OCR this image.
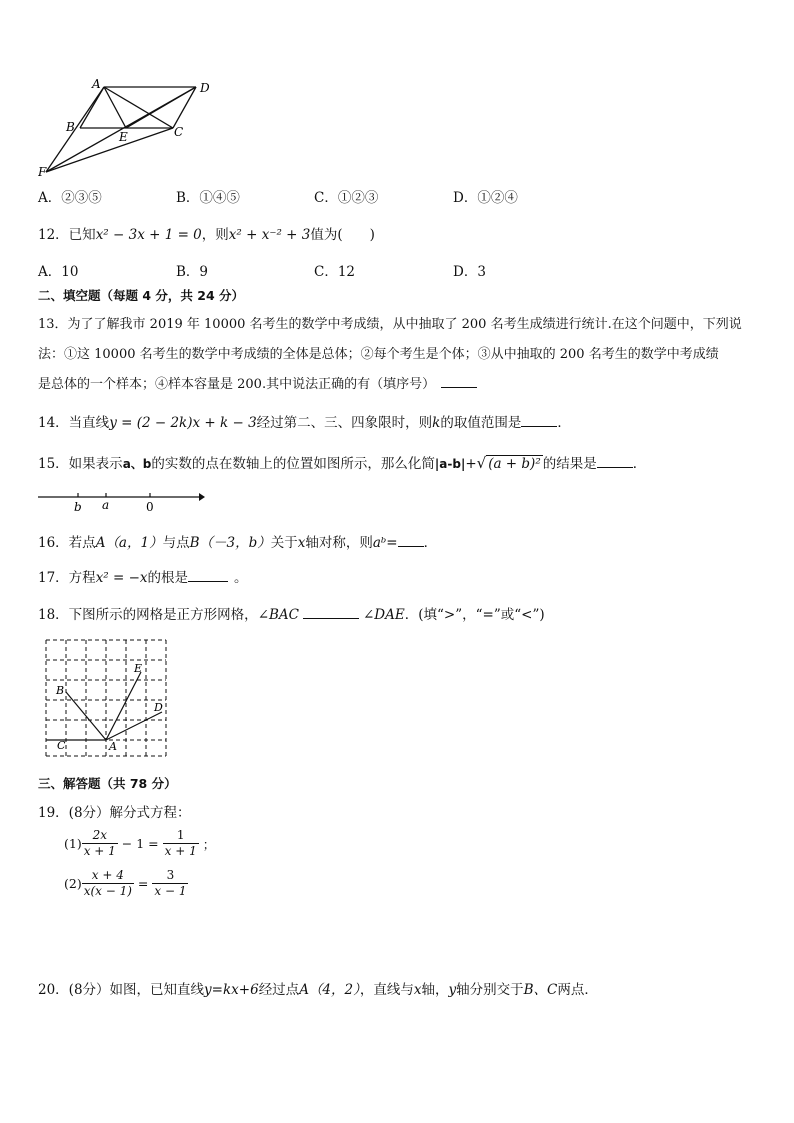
A	D
B
E	C
F
A．②③⑤	B．①④⑤	C．①②③	D．①②④
12．已知x² − 3x + 1 = 0，则x² + x⁻² + 3值为(　　)
A．10	B．9	C．12	D．3
二、填空题（每题 4 分，共 24 分）
13．为了了解我市 2019 年 10000 名考生的数学中考成绩，从中抽取了 200 名考生成绩进行统计.在这个问题中，下列说
法：①这 10000 名考生的数学中考成绩的全体是总体；②每个考生是个体；③从中抽取的 200 名考生的数学中考成绩
是总体的一个样本；④样本容量是 200.其中说法正确的有（填序号）
14．当直线y = (2 − 2k)x + k − 3经过第二、三、四象限时，则k的取值范围是	．
15．如果表示a、b的实数的点在数轴上的位置如图所示，那么化简|a-b|+√ (a + b)² 的结果是	．
b a	0
16．若点A（a，1）与点B（－3，b）关于x轴对称，则aᵇ= ．
17．方程x² = −x的根是	。
18．下图所示的网格是正方形网格，∠BAC	∠DAE．(填“>”，“=”或“<”)
B
E
D
C	A
三、解答题（共 78 分）
19．(8分）解分式方程：
$(1) \frac{2x}{x + 1} - 1 = \frac{1}{x + 1}$ ；
$(2) \frac{x + 4}{x(x - 1)} = \frac{3}{x - 1}$
20．(8分）如图，已知直线y=kx+6经过点A（4，2），直线与x轴，y轴分别交于B、C两点．
